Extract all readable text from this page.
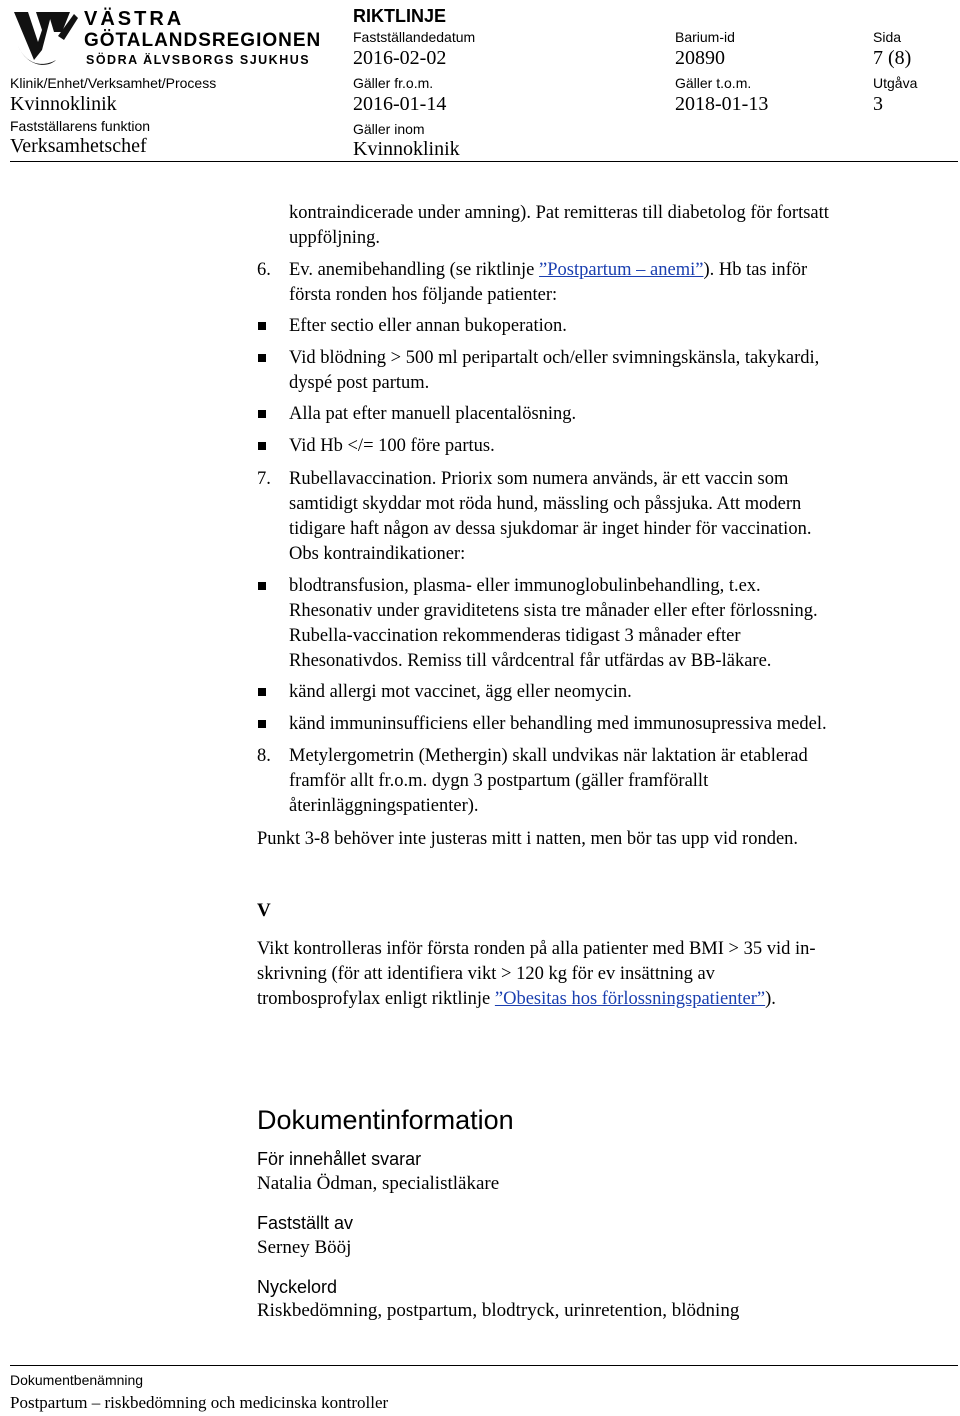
VÄSTRA
GÖTALANDSREGIONEN
SÖDRA ÄLVSBORGS SJUKHUS
RIKTLINJE
Fastställandedatum
2016-02-02
Barium-id
20890
Sida
7 (8)
Klinik/Enhet/Verksamhet/Process
Kvinnoklinik
Gäller fr.o.m.
2016-01-14
Gäller t.o.m.
2018-01-13
Utgåva
3
Fastställarens funktion
Verksamhetschef
Gäller inom
Kvinnoklinik
kontraindicerade under amning). Pat remitteras till diabetolog för fortsatt
uppföljning.
6. Ev. anemibehandling (se riktlinje ”Postpartum – anemi”). Hb tas inför
första ronden hos följande patienter:
Efter sectio eller annan bukoperation.
Vid blödning > 500 ml peripartalt och/eller svimningskänsla, takykardi,
dyspé post partum.
Alla pat efter manuell placentalösning.
Vid Hb </= 100 före partus.
7. Rubellavaccination. Priorix som numera används, är ett vaccin som
samtidigt skyddar mot röda hund, mässling och påssjuka. Att modern
tidigare haft någon av dessa sjukdomar är inget hinder för vaccination.
Obs kontraindikationer:
blodtransfusion, plasma- eller immunoglobulinbehandling, t.ex.
Rhesonativ under graviditetens sista tre månader eller efter förlossning.
Rubella-vaccination rekommenderas tidigast 3 månader efter
Rhesonativdos. Remiss till vårdcentral får utfärdas av BB-läkare.
känd allergi mot vaccinet, ägg eller neomycin.
känd immuninsufficiens eller behandling med immunosupressiva medel.
8. Metylergometrin (Methergin) skall undvikas när laktation är etablerad
framför allt fr.o.m. dygn 3 postpartum (gäller framförallt
återinläggningspatienter).
Punkt 3-8 behöver inte justeras mitt i natten, men bör tas upp vid ronden.
V
Vikt kontrolleras inför första ronden på alla patienter med BMI > 35 vid in-
skrivning (för att identifiera vikt > 120 kg för ev insättning av
trombosprofylax enligt riktlinje ”Obesitas hos förlossningspatienter”).
Dokumentinformation
För innehållet svarar
Natalia Ödman, specialistläkare
Fastställt av
Serney Bööj
Nyckelord
Riskbedömning, postpartum, blodtryck, urinretention, blödning
Dokumentbenämning
Postpartum – riskbedömning och medicinska kontroller
